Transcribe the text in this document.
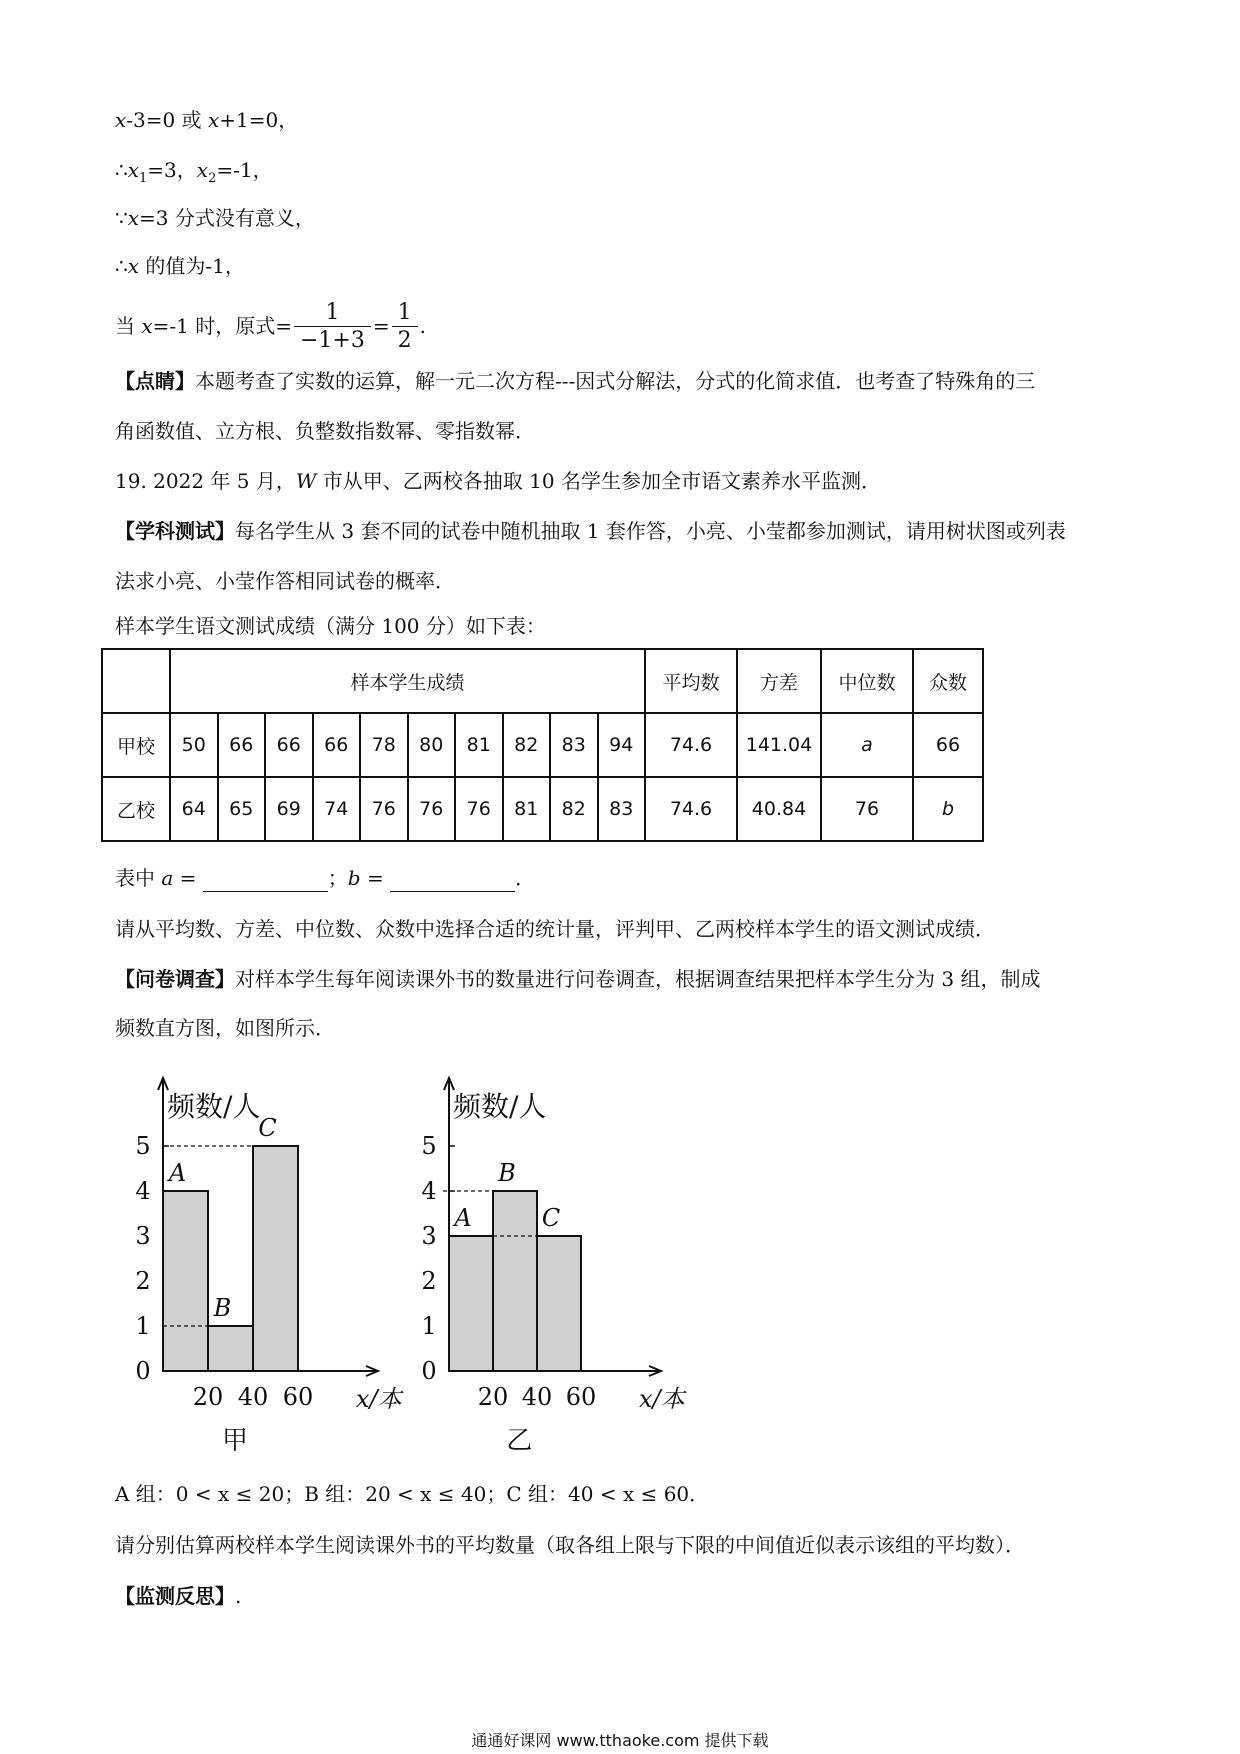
x-3=0 或 x+1=0，
$\therefore x_1=3$，$x_2=-1$，
∵x=3 分式没有意义，
∴x 的值为-1，
当 x=-1 时，原式= $\frac{1}{-1+3} = \frac{1}{2}$ .
【点睛】本题考查了实数的运算，解一元二次方程---因式分解法，分式的化简求值．也考查了特殊角的三
角函数值、立方根、负整数指数幂、零指数幂．
19. 2022 年 5 月，W 市从甲、乙两校各抽取 10 名学生参加全市语文素养水平监测．
【学科测试】每名学生从 3 套不同的试卷中随机抽取 1 套作答，小亮、小莹都参加测试，请用树状图或列表
法求小亮、小莹作答相同试卷的概率．
样本学生语文测试成绩（满分 100 分）如下表：
	样本学生成绩										平均数	方差	中位数	众数
甲校	50	66	66	66	78	80	81	82	83	94	74.6	141.04	a	66
乙校	64	65	69	74	76	76	76	81	82	83	74.6	40.84	76	b
表中 a =	；b =	．
请从平均数、方差、中位数、众数中选择合适的统计量，评判甲、乙两校样本学生的语文测试成绩．
【问卷调查】对样本学生每年阅读课外书的数量进行问卷调查，根据调查结果把样本学生分为 3 组，制成
频数直方图，如图所示．
0
1
2
3
4
5
A
B
C
20 40 60
频数/人
x/本
甲
0
1
2
3
4
5
A
B
C
20 40 60
频数/人
x/本
乙
A 组：0 < x ≤ 20；B 组：20 < x ≤ 40；C 组：40 < x ≤ 60．
请分别估算两校样本学生阅读课外书的平均数量（取各组上限与下限的中间值近似表示该组的平均数）．
【监测反思】.
通通好课网 www.tthaoke.com 提供下载
